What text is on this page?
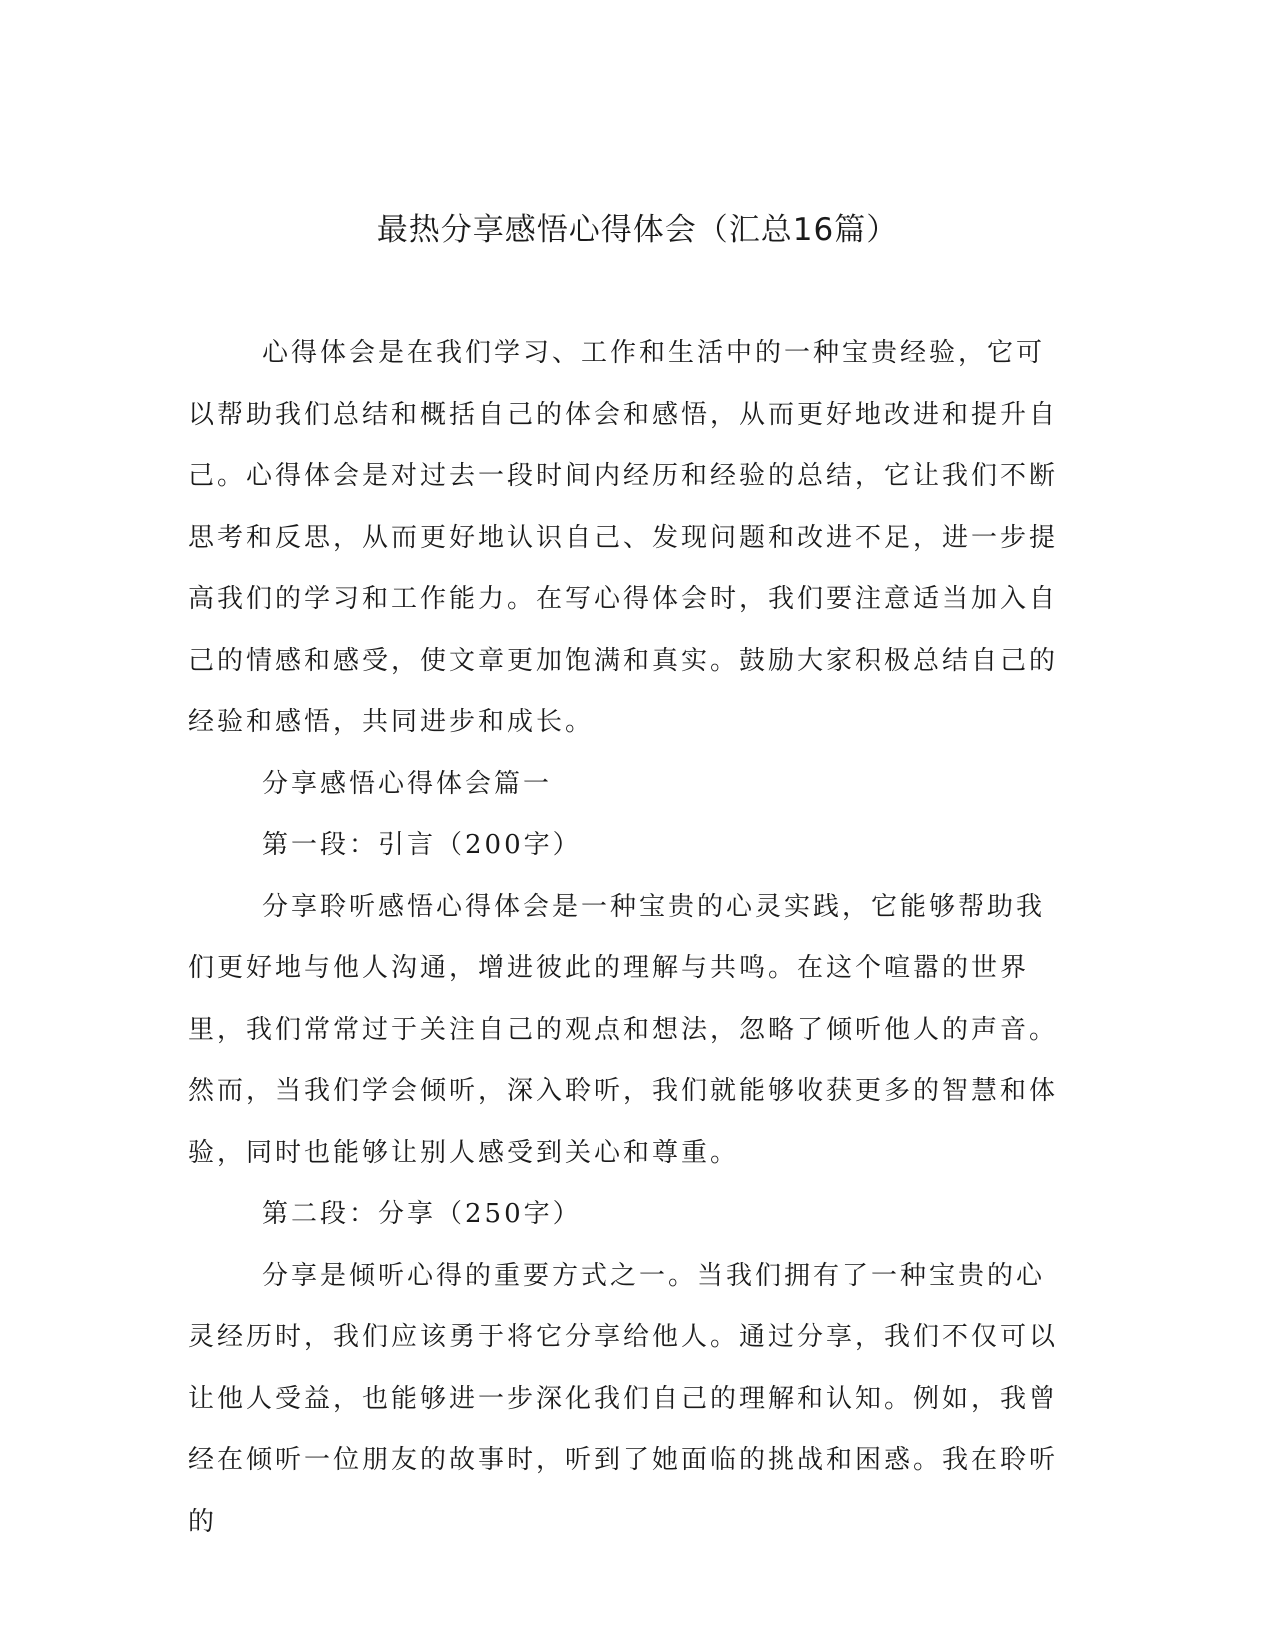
最热分享感悟心得体会（汇总16篇）

心得体会是在我们学习、工作和生活中的一种宝贵经验，它可以帮助我们总结和概括自己的体会和感悟，从而更好地改进和提升自己。心得体会是对过去一段时间内经历和经验的总结，它让我们不断思考和反思，从而更好地认识自己、发现问题和改进不足，进一步提高我们的学习和工作能力。在写心得体会时，我们要注意适当加入自己的情感和感受，使文章更加饱满和真实。鼓励大家积极总结自己的经验和感悟，共同进步和成长。

分享感悟心得体会篇一

第一段：引言（200字）

分享聆听感悟心得体会是一种宝贵的心灵实践，它能够帮助我们更好地与他人沟通，增进彼此的理解与共鸣。在这个喧嚣的世界里，我们常常过于关注自己的观点和想法，忽略了倾听他人的声音。然而，当我们学会倾听，深入聆听，我们就能够收获更多的智慧和体验，同时也能够让别人感受到关心和尊重。

第二段：分享（250字）

分享是倾听心得的重要方式之一。当我们拥有了一种宝贵的心灵经历时，我们应该勇于将它分享给他人。通过分享，我们不仅可以让他人受益，也能够进一步深化我们自己的理解和认知。例如，我曾经在倾听一位朋友的故事时，听到了她面临的挑战和困惑。我在聆听的
